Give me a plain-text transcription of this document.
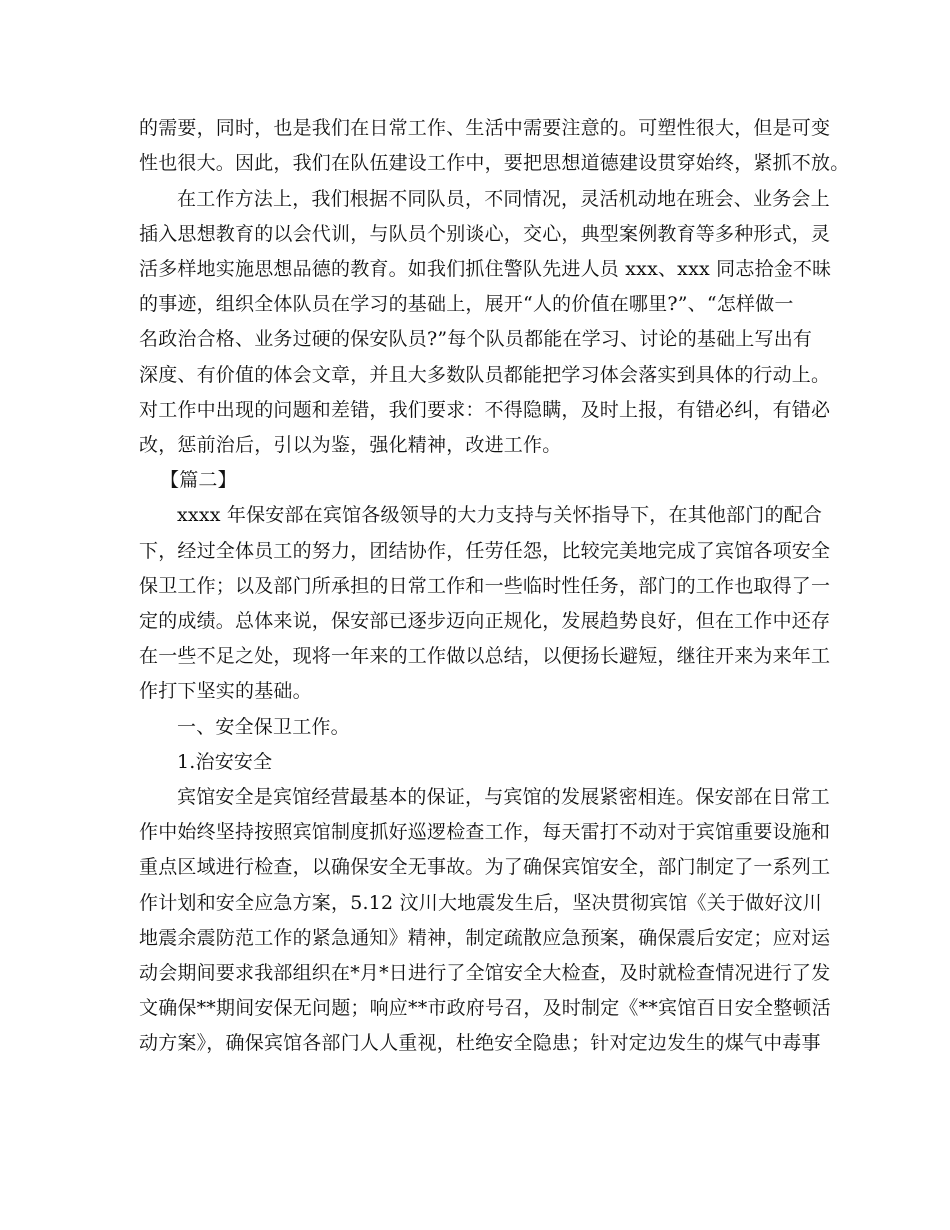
的需要，同时，也是我们在日常工作、生活中需要注意的。可塑性很大，但是可变
性也很大。因此，我们在队伍建设工作中，要把思想道德建设贯穿始终，紧抓不放。
在工作方法上，我们根据不同队员，不同情况，灵活机动地在班会、业务会上
插入思想教育的以会代训，与队员个别谈心，交心，典型案例教育等多种形式，灵
活多样地实施思想品德的教育。如我们抓住警队先进人员 xxx、xxx 同志拾金不昧
的事迹，组织全体队员在学习的基础上，展开“人的价值在哪里?”、“怎样做一
名政治合格、业务过硬的保安队员?”每个队员都能在学习、讨论的基础上写出有
深度、有价值的体会文章，并且大多数队员都能把学习体会落实到具体的行动上。
对工作中出现的问题和差错，我们要求：不得隐瞒，及时上报，有错必纠，有错必
改，惩前治后，引以为鉴，强化精神，改进工作。
【篇二】
xxxx 年保安部在宾馆各级领导的大力支持与关怀指导下，在其他部门的配合
下，经过全体员工的努力，团结协作，任劳任怨，比较完美地完成了宾馆各项安全
保卫工作；以及部门所承担的日常工作和一些临时性任务，部门的工作也取得了一
定的成绩。总体来说，保安部已逐步迈向正规化，发展趋势良好，但在工作中还存
在一些不足之处，现将一年来的工作做以总结，以便扬长避短，继往开来为来年工
作打下坚实的基础。
一、安全保卫工作。
1.治安安全
宾馆安全是宾馆经营最基本的保证，与宾馆的发展紧密相连。保安部在日常工
作中始终坚持按照宾馆制度抓好巡逻检查工作，每天雷打不动对于宾馆重要设施和
重点区域进行检查，以确保安全无事故。为了确保宾馆安全，部门制定了一系列工
作计划和安全应急方案，5.12 汶川大地震发生后，坚决贯彻宾馆《关于做好汶川
地震余震防范工作的紧急通知》精神，制定疏散应急预案，确保震后安定；应对运
动会期间要求我部组织在*月*日进行了全馆安全大检查，及时就检查情况进行了发
文确保**期间安保无问题；响应**市政府号召，及时制定《**宾馆百日安全整顿活
动方案》，确保宾馆各部门人人重视，杜绝安全隐患；针对定边发生的煤气中毒事
